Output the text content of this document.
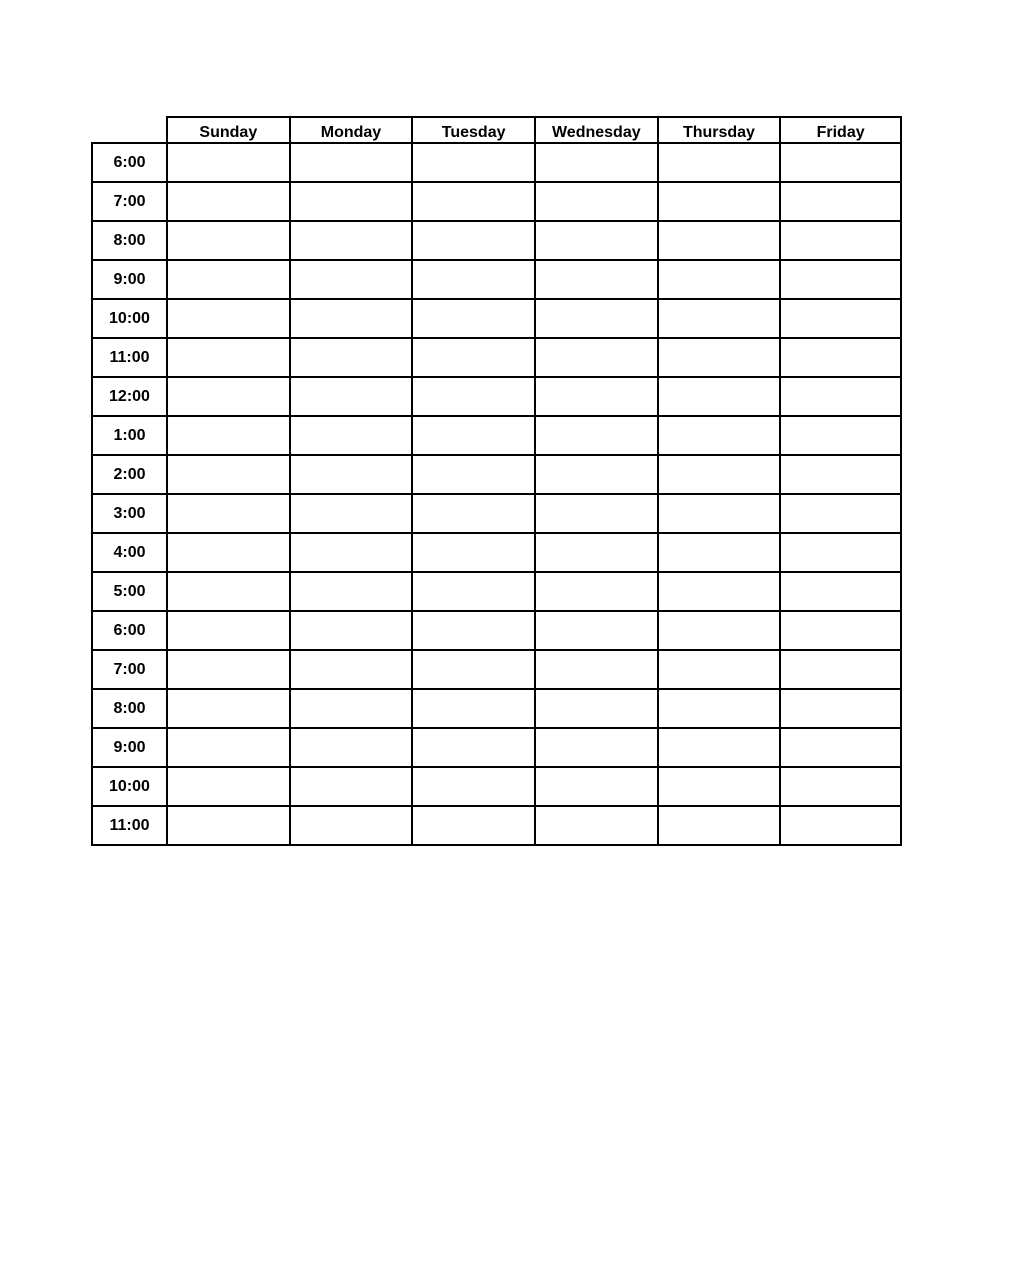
Sunday	Monday	Tuesday	Wednesday	Thursday	Friday
6:00
7:00
8:00
9:00
10:00
11:00
12:00
1:00
2:00
3:00
4:00
5:00
6:00
7:00
8:00
9:00
10:00
11:00
